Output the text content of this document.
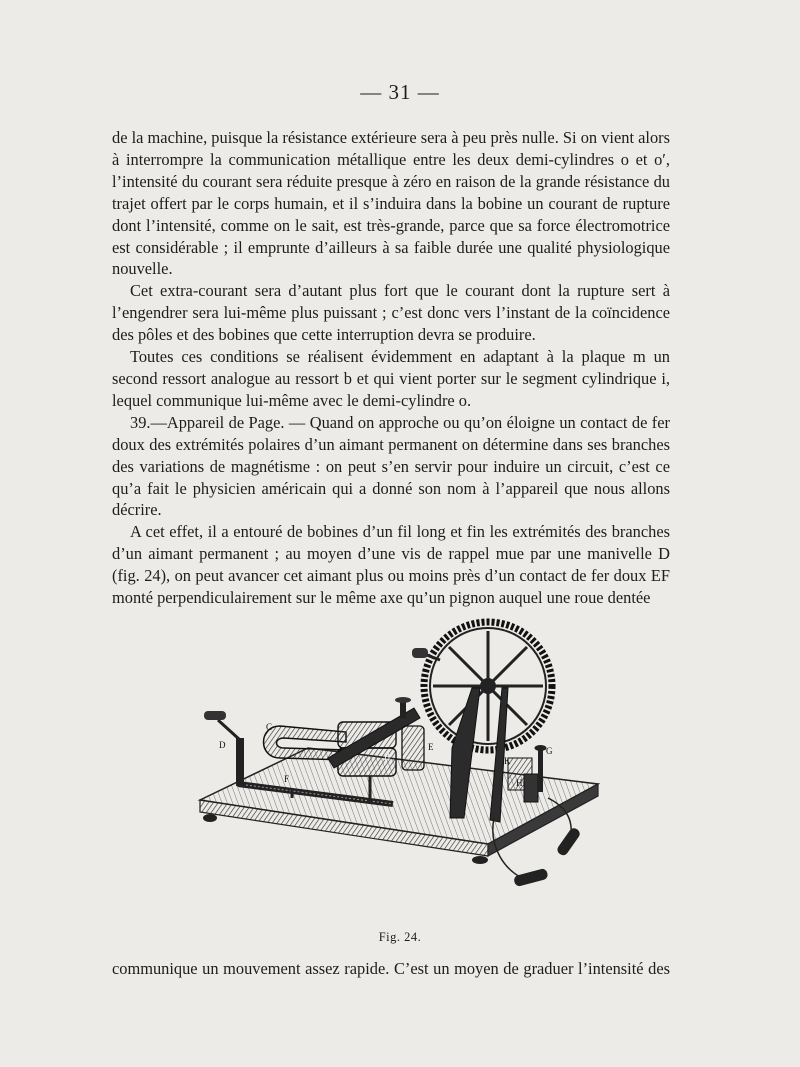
— 31 —

de la machine, puisque la résistance extérieure sera à peu près nulle. Si on vient alors à interrompre la communication métallique entre les deux demi-cylindres o et o′, l’intensité du courant sera réduite presque à zéro en raison de la grande résistance du trajet offert par le corps humain, et il s’induira dans la bobine un courant de rupture dont l’intensité, comme on le sait, est très-grande, parce que sa force électromotrice est considérable ; il emprunte d’ailleurs à sa faible durée une qualité physiologique nouvelle.

Cet extra-courant sera d’autant plus fort que le courant dont la rupture sert à l’engendrer sera lui-même plus puissant ; c’est donc vers l’instant de la coïncidence des pôles et des bobines que cette interruption devra se produire.

Toutes ces conditions se réalisent évidemment en adaptant à la plaque m un second ressort analogue au ressort b et qui vient porter sur le segment cylindrique i, lequel communique lui-même avec le demi-cylindre o.

39.—Appareil de Page. — Quand on approche ou qu’on éloigne un contact de fer doux des extrémités polaires d’un aimant permanent on détermine dans ses branches des variations de magnétisme : on peut s’en servir pour induire un circuit, c’est ce qu’a fait le physicien américain qui a donné son nom à l’appareil que nous allons décrire.

A cet effet, il a entouré de bobines d’un fil long et fin les extrémités des branches d’un aimant permanent ; au moyen d’une vis de rappel mue par une manivelle D (fig. 24), on peut avancer cet aimant plus ou moins près d’un contact de fer doux EF monté perpendiculairement sur le même axe qu’un pignon auquel une roue dentée

D
C
B
E
F
G
K
H
Fig. 24.
communique un mouvement assez rapide. C’est un moyen de graduer l’intensité des
